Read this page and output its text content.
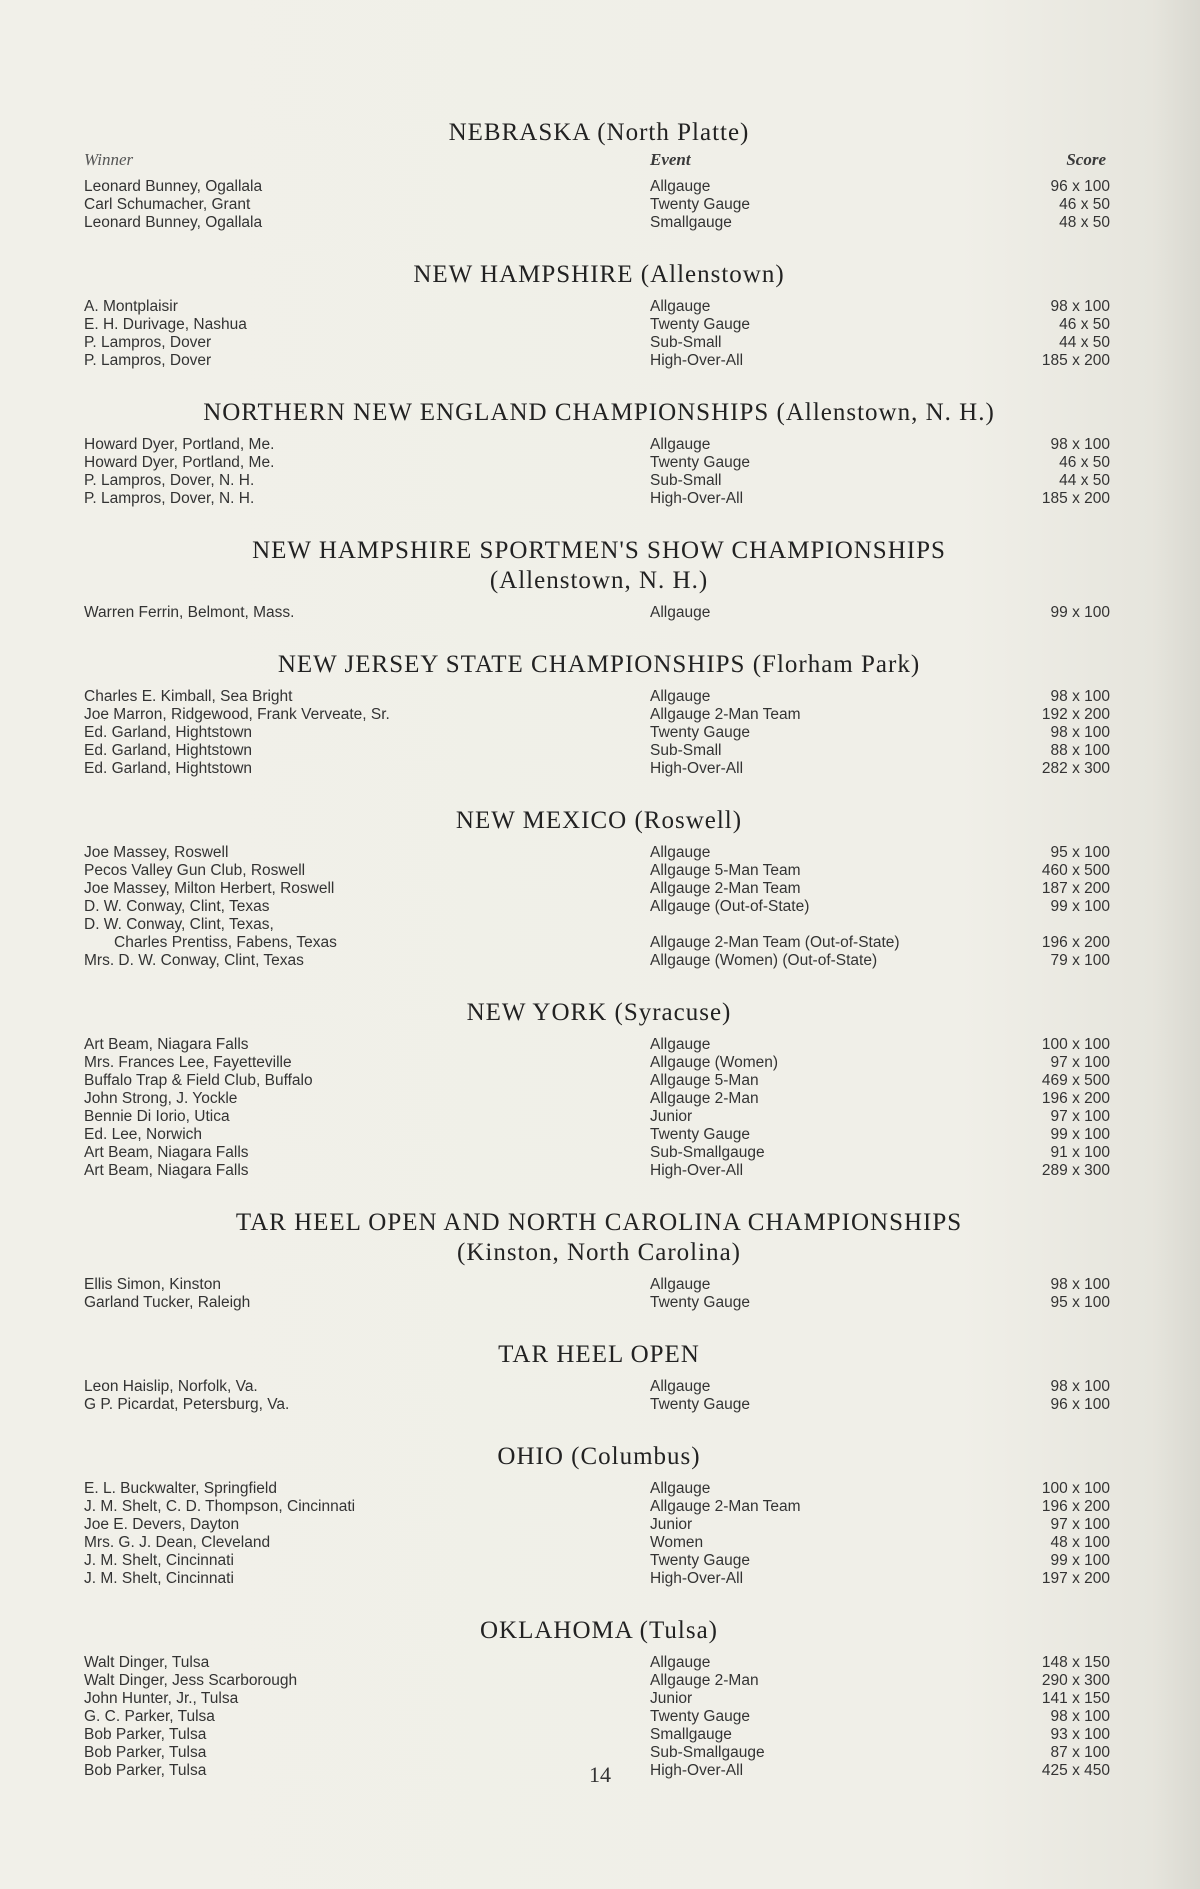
NEBRASKA (North Platte)
Winner	Event	Score
Leonard Bunney, Ogallala	Allgauge	96 x 100
Carl Schumacher, Grant	Twenty Gauge	46 x 50
Leonard Bunney, Ogallala	Smallgauge	48 x 50
NEW HAMPSHIRE (Allenstown)
A. Montplaisir	Allgauge	98 x 100
E. H. Durivage, Nashua	Twenty Gauge	46 x 50
P. Lampros, Dover	Sub-Small	44 x 50
P. Lampros, Dover	High-Over-All	185 x 200
NORTHERN NEW ENGLAND CHAMPIONSHIPS (Allenstown, N. H.)
Howard Dyer, Portland, Me.	Allgauge	98 x 100
Howard Dyer, Portland, Me.	Twenty Gauge	46 x 50
P. Lampros, Dover, N. H.	Sub-Small	44 x 50
P. Lampros, Dover, N. H.	High-Over-All	185 x 200
NEW HAMPSHIRE SPORTMEN'S SHOW CHAMPIONSHIPS
(Allenstown, N. H.)
Warren Ferrin, Belmont, Mass.	Allgauge	99 x 100
NEW JERSEY STATE CHAMPIONSHIPS (Florham Park)
Charles E. Kimball, Sea Bright	Allgauge	98 x 100
Joe Marron, Ridgewood, Frank Verveate, Sr.	Allgauge 2-Man Team	192 x 200
Ed. Garland, Hightstown	Twenty Gauge	98 x 100
Ed. Garland, Hightstown	Sub-Small	88 x 100
Ed. Garland, Hightstown	High-Over-All	282 x 300
NEW MEXICO (Roswell)
Joe Massey, Roswell	Allgauge	95 x 100
Pecos Valley Gun Club, Roswell	Allgauge 5-Man Team	460 x 500
Joe Massey, Milton Herbert, Roswell	Allgauge 2-Man Team	187 x 200
D. W. Conway, Clint, Texas	Allgauge (Out-of-State)	99 x 100
D. W. Conway, Clint, Texas,
Charles Prentiss, Fabens, Texas	Allgauge 2-Man Team (Out-of-State)	196 x 200
Mrs. D. W. Conway, Clint, Texas	Allgauge (Women) (Out-of-State)	79 x 100
NEW YORK (Syracuse)
Art Beam, Niagara Falls	Allgauge	100 x 100
Mrs. Frances Lee, Fayetteville	Allgauge (Women)	97 x 100
Buffalo Trap & Field Club, Buffalo	Allgauge 5-Man	469 x 500
John Strong, J. Yockle	Allgauge 2-Man	196 x 200
Bennie Di Iorio, Utica	Junior	97 x 100
Ed. Lee, Norwich	Twenty Gauge	99 x 100
Art Beam, Niagara Falls	Sub-Smallgauge	91 x 100
Art Beam, Niagara Falls	High-Over-All	289 x 300
TAR HEEL OPEN AND NORTH CAROLINA CHAMPIONSHIPS
(Kinston, North Carolina)
Ellis Simon, Kinston	Allgauge	98 x 100
Garland Tucker, Raleigh	Twenty Gauge	95 x 100
TAR HEEL OPEN
Leon Haislip, Norfolk, Va.	Allgauge	98 x 100
G P. Picardat, Petersburg, Va.	Twenty Gauge	96 x 100
OHIO (Columbus)
E. L. Buckwalter, Springfield	Allgauge	100 x 100
J. M. Shelt, C. D. Thompson, Cincinnati	Allgauge 2-Man Team	196 x 200
Joe E. Devers, Dayton	Junior	97 x 100
Mrs. G. J. Dean, Cleveland	Women	48 x 100
J. M. Shelt, Cincinnati	Twenty Gauge	99 x 100
J. M. Shelt, Cincinnati	High-Over-All	197 x 200
OKLAHOMA (Tulsa)
Walt Dinger, Tulsa	Allgauge	148 x 150
Walt Dinger, Jess Scarborough	Allgauge 2-Man	290 x 300
John Hunter, Jr., Tulsa	Junior	141 x 150
G. C. Parker, Tulsa	Twenty Gauge	98 x 100
Bob Parker, Tulsa	Smallgauge	93 x 100
Bob Parker, Tulsa	Sub-Smallgauge	87 x 100
Bob Parker, Tulsa	High-Over-All	425 x 450
14
